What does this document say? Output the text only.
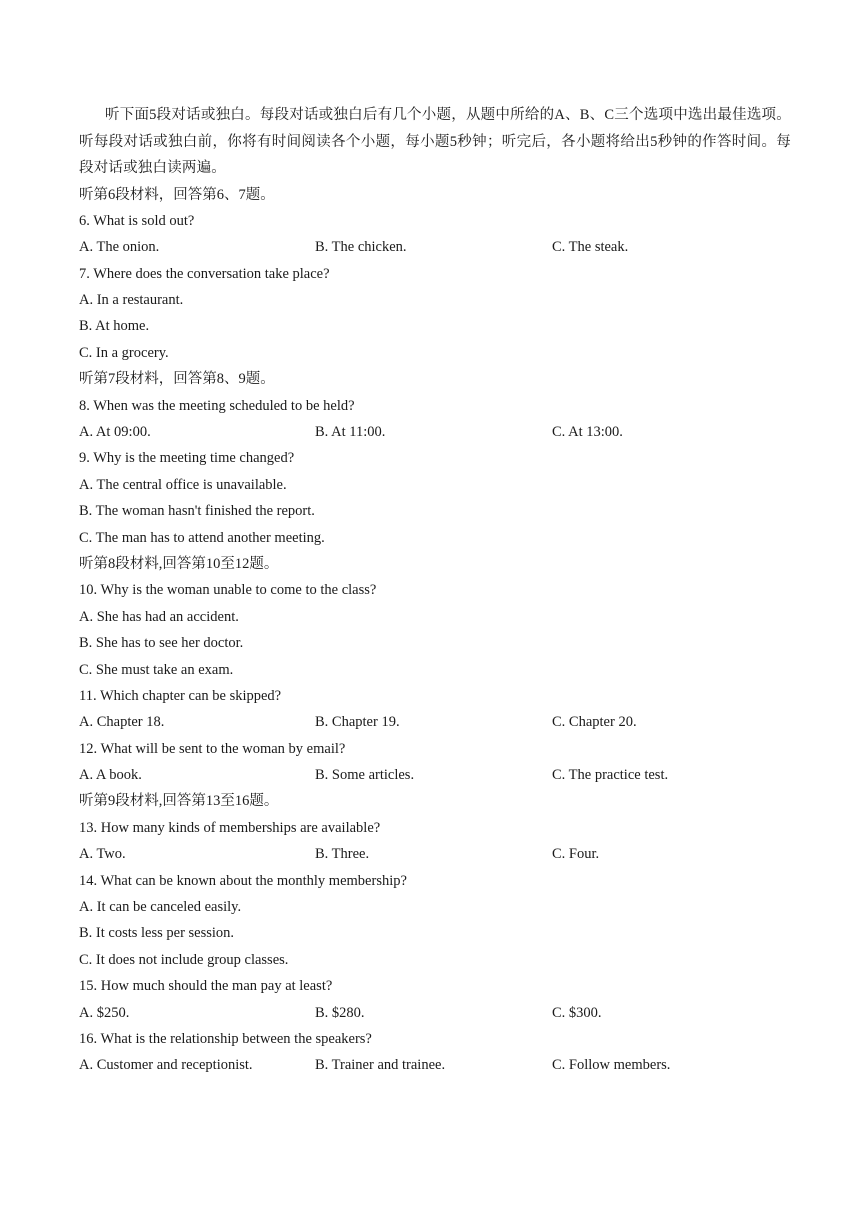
听下面5段对话或独白。每段对话或独白后有几个小题，从题中所给的A、B、C三个选项中选出最佳选项。听每段对话或独白前，你将有时间阅读各个小题，每小题5秒钟；听完后，各小题将给出5秒钟的作答时间。每段对话或独白读两遍。

听第6段材料，回答第6、7题。
6. What is sold out?
A. The onion.	B. The chicken.	C. The steak.
7. Where does the conversation take place?
A. In a restaurant.
B. At home.
C. In a grocery.
听第7段材料，回答第8、9题。
8. When was the meeting scheduled to be held?
A. At 09:00.	B. At 11:00.	C. At 13:00.
9. Why is the meeting time changed?
A. The central office is unavailable.
B. The woman hasn't finished the report.
C. The man has to attend another meeting.
听第8段材料,回答第10至12题。
10. Why is the woman unable to come to the class?
A. She has had an accident.
B. She has to see her doctor.
C. She must take an exam.
11. Which chapter can be skipped?
A. Chapter 18.	B. Chapter 19.	C. Chapter 20.
12. What will be sent to the woman by email?
A. A book.	B. Some articles.	C. The practice test.
听第9段材料,回答第13至16题。
13. How many kinds of memberships are available?
A. Two.	B. Three.	C. Four.
14. What can be known about the monthly membership?
A. It can be canceled easily.
B. It costs less per session.
C. It does not include group classes.
15. How much should the man pay at least?
A. $250.	B. $280.	C. $300.
16. What is the relationship between the speakers?
A. Customer and receptionist.	B. Trainer and trainee.	C. Follow members.
